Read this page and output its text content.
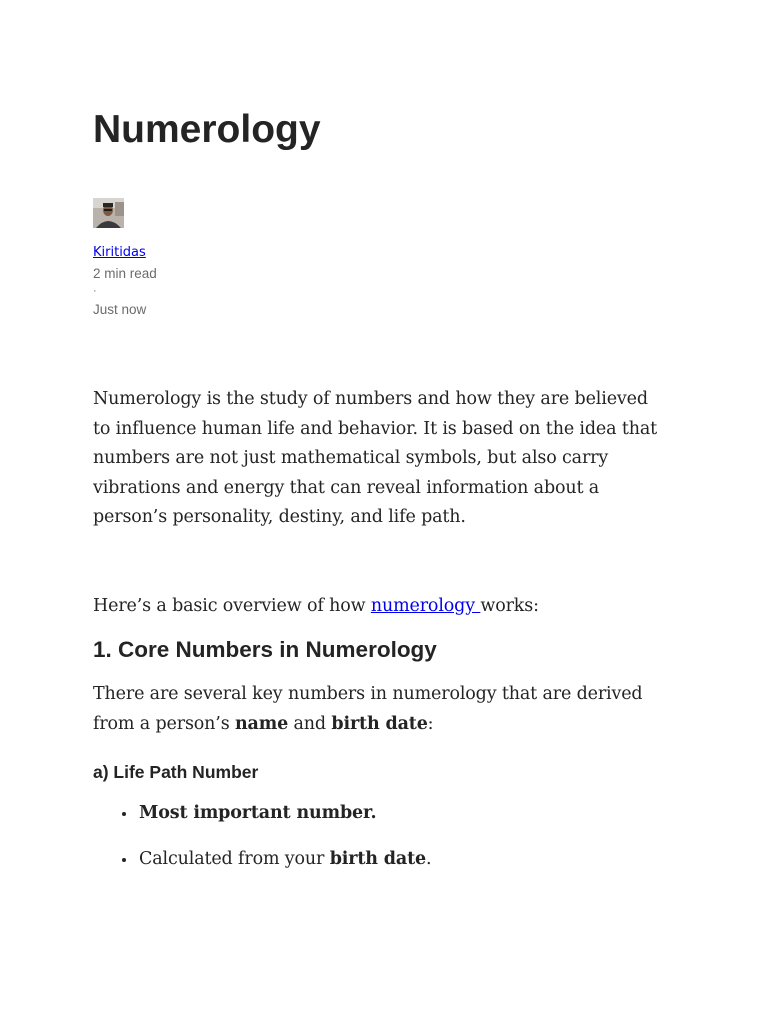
Numerology
Kiritidas
2 min read
·
Just now

Numerology is the study of numbers and how they are believed to influence human life and behavior. It is based on the idea that numbers are not just mathematical symbols, but also carry vibrations and energy that can reveal information about a person’s personality, destiny, and life path.

Here’s a basic overview of how numerology works:

1. Core Numbers in Numerology

There are several key numbers in numerology that are derived from a person’s name and birth date:

a) Life Path Number
Most important number.
Calculated from your birth date.
